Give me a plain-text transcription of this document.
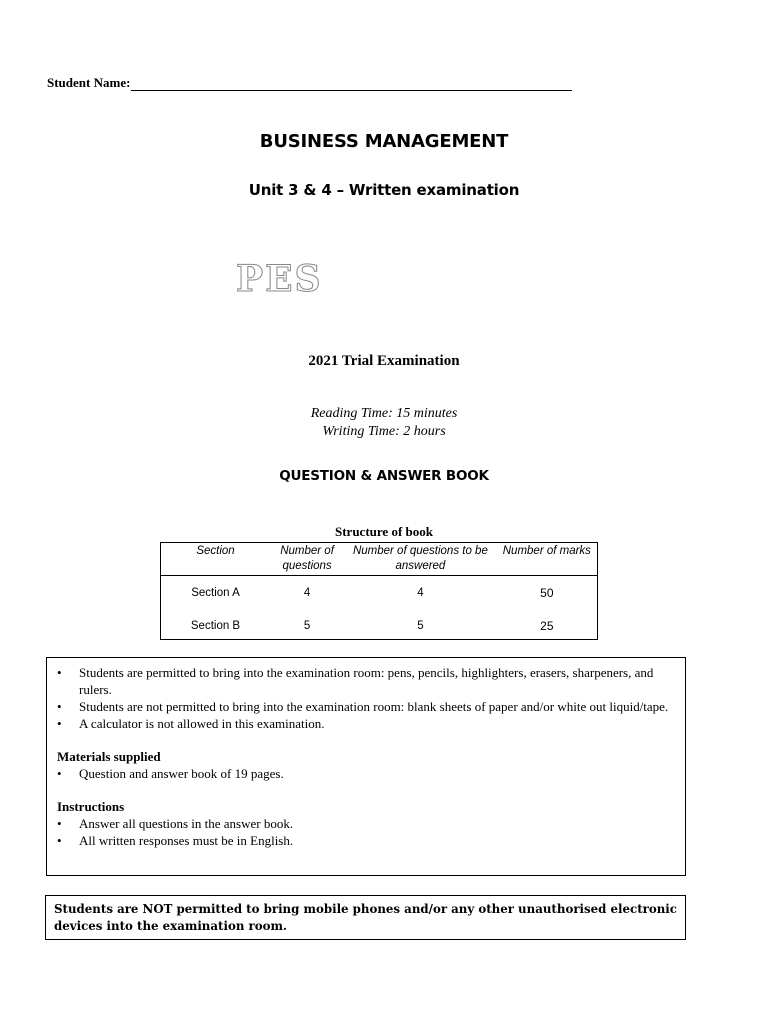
Student Name:
BUSINESS MANAGEMENT
Unit 3 & 4 – Written examination
PES
2021 Trial Examination
Reading Time: 15 minutes
Writing Time: 2 hours
QUESTION & ANSWER BOOK
Structure of book
Section	Number of questions	Number of questions to be answered	Number of marks
Section A	4	4	50
Section B	5	5	25
• Students are permitted to bring into the examination room: pens, pencils, highlighters, erasers, sharpeners, and rulers.
• Students are not permitted to bring into the examination room: blank sheets of paper and/or white out liquid/tape.
• A calculator is not allowed in this examination.
Materials supplied
• Question and answer book of 19 pages.
Instructions
• Answer all questions in the answer book.
• All written responses must be in English.
Students are NOT permitted to bring mobile phones and/or any other unauthorised electronic devices into the examination room.
